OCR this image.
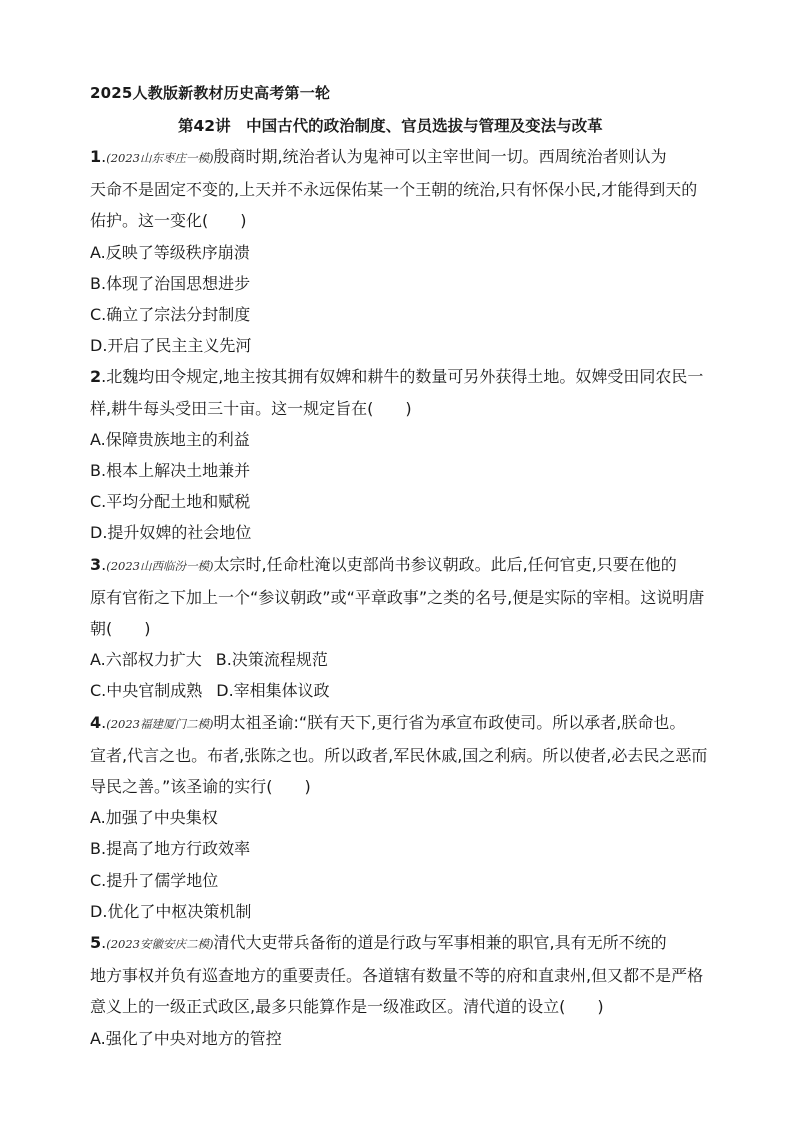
2025人教版新教材历史高考第一轮
第42讲　中国古代的政治制度、官员选拔与管理及变法与改革
1.(2023山东枣庄一模)殷商时期,统治者认为鬼神可以主宰世间一切。西周统治者则认为
天命不是固定不变的,上天并不永远保佑某一个王朝的统治,只有怀保小民,才能得到天的
佑护。这一变化(　　)
A.反映了等级秩序崩溃
B.体现了治国思想进步
C.确立了宗法分封制度
D.开启了民主主义先河
2.北魏均田令规定,地主按其拥有奴婢和耕牛的数量可另外获得土地。奴婢受田同农民一
样,耕牛每头受田三十亩。这一规定旨在(　　)
A.保障贵族地主的利益
B.根本上解决土地兼并
C.平均分配土地和赋税
D.提升奴婢的社会地位
3.(2023山西临汾一模)太宗时,任命杜淹以吏部尚书参议朝政。此后,任何官吏,只要在他的
原有官衔之下加上一个“参议朝政”或“平章政事”之类的名号,便是实际的宰相。这说明唐
朝(　　)
A.六部权力扩大 B.决策流程规范
C.中央官制成熟 D.宰相集体议政
4.(2023福建厦门二模)明太祖圣谕:“朕有天下,更行省为承宣布政使司。所以承者,朕命也。
宣者,代言之也。布者,张陈之也。所以政者,军民休戚,国之利病。所以使者,必去民之恶而
导民之善。”该圣谕的实行(　　)
A.加强了中央集权
B.提高了地方行政效率
C.提升了儒学地位
D.优化了中枢决策机制
5.(2023安徽安庆二模)清代大吏带兵备衔的道是行政与军事相兼的职官,具有无所不统的
地方事权并负有巡查地方的重要责任。各道辖有数量不等的府和直隶州,但又都不是严格
意义上的一级正式政区,最多只能算作是一级准政区。清代道的设立(　　)
A.强化了中央对地方的管控
